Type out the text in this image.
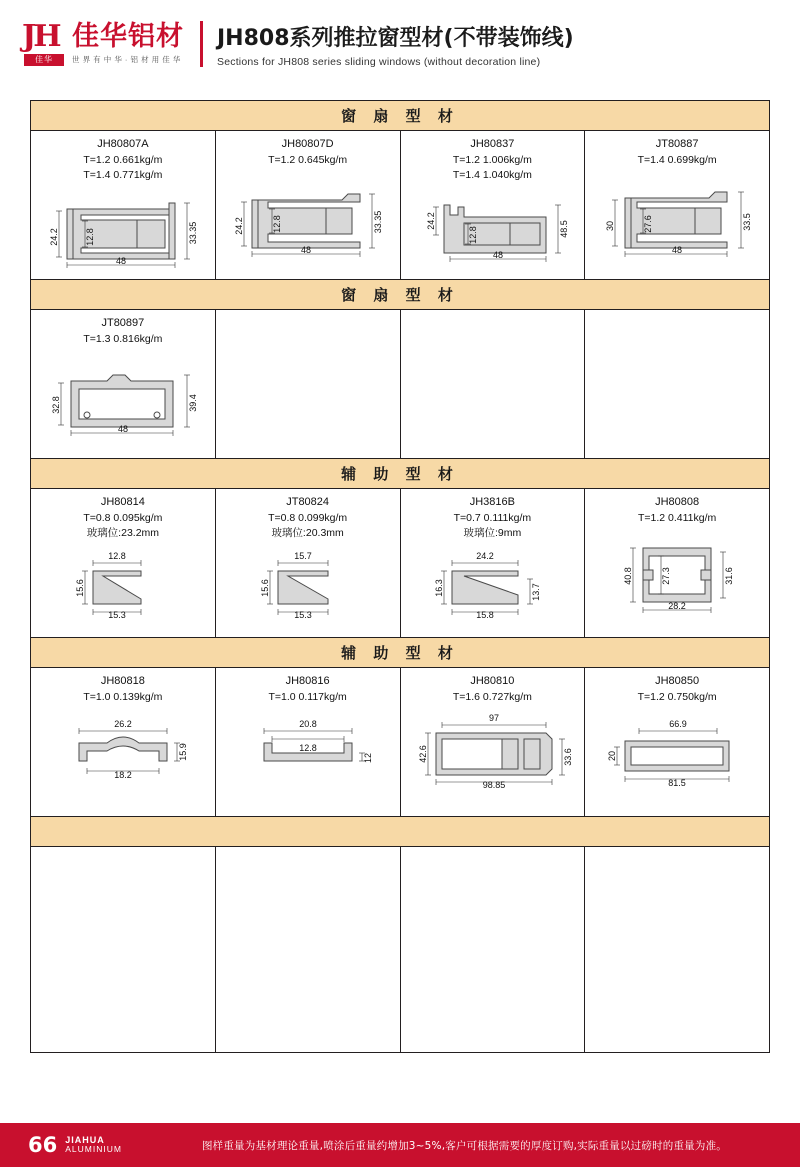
JH
佳华
佳华铝材
世 界 有 中 华 · 铝 材 用 佳 华
JH808系列推拉窗型材(不带装饰线)
Sections for JH808 series sliding windows (without decoration line)
窗 扇 型 材
JH80807A
T=1.2 0.661kg/m
T=1.4 0.771kg/m
24.2	12.8	33.35
48
JH80807D
T=1.2 0.645kg/m
24.2	12.8	33.35
48
JH80837
T=1.2 1.006kg/m
T=1.4 1.040kg/m
24.2
12.8	48.5
48
JT80887
T=1.4 0.699kg/m
30	27.6	33.5
48
窗 扇 型 材
JT80897
T=1.3 0.816kg/m
32.8	39.4
48
辅 助 型 材
JH80814
T=0.8 0.095kg/m
玻璃位:23.2mm
12.8
15.6
15.3
JT80824
T=0.8 0.099kg/m
玻璃位:20.3mm
15.7
15.6
15.3
JH3816B
T=0.7 0.111kg/m
玻璃位:9mm
24.2
16.3	13.7
15.8
JH80808
T=1.2 0.411kg/m
40.8	27.3	31.6
28.2
辅 助 型 材
JH80818
T=1.0 0.139kg/m
26.2
15.9
18.2
JH80816
T=1.0 0.117kg/m
20.8
12.8
12
JH80810
T=1.6 0.727kg/m
97
42.6	33.6
98.85
JH80850
T=1.2 0.750kg/m
66.9
20
81.5
66 JIAHUA
ALUMINIUM	图样重量为基材理论重量,喷涂后重量约增加3~5%,客户可根据需要的厚度订购,实际重量以过磅时的重量为准。
